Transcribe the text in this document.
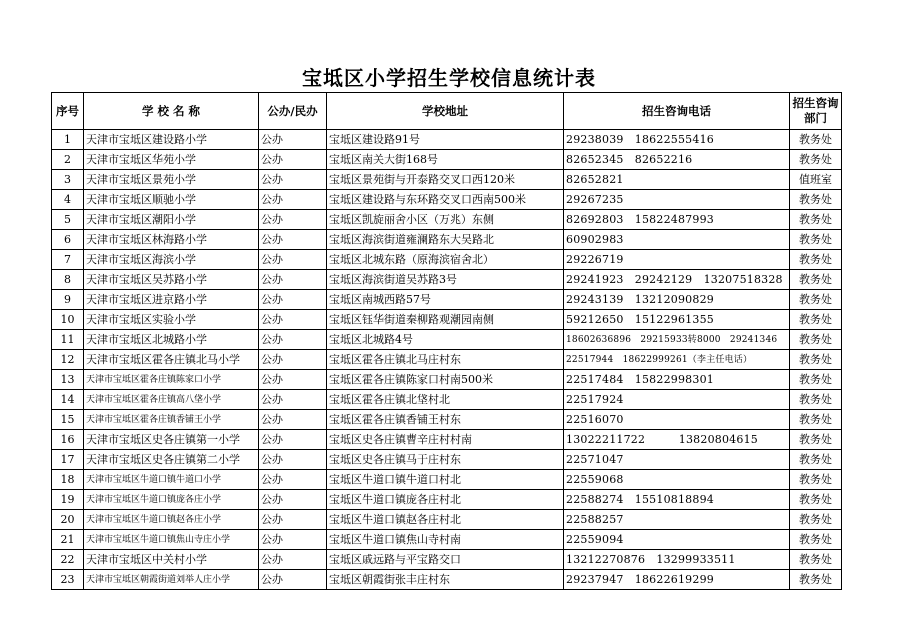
宝坻区小学招生学校信息统计表
序号	学 校 名 称	公办/民办	学校地址	招生咨询电话	招生咨询部门
1	天津市宝坻区建设路小学	公办	宝坻区建设路91号	29238039　18622555416	教务处
2	天津市宝坻区华苑小学	公办	宝坻区南关大街168号	82652345　82652216	教务处
3	天津市宝坻区景苑小学	公办	宝坻区景苑街与开泰路交叉口西120米	82652821	值班室
4	天津市宝坻区顺驰小学	公办	宝坻区建设路与东环路交叉口西南500米	29267235	教务处
5	天津市宝坻区潮阳小学	公办	宝坻区凯旋丽舍小区（万兆）东侧	82692803　15822487993	教务处
6	天津市宝坻区林海路小学	公办	宝坻区海滨街道雍澜路东大吴路北	60902983	教务处
7	天津市宝坻区海滨小学	公办	宝坻区北城东路（原海滨宿舍北）	29226719	教务处
8	天津市宝坻区吴苏路小学	公办	宝坻区海滨街道吴苏路3号	29241923　29242129　13207518328	教务处
9	天津市宝坻区进京路小学	公办	宝坻区南城西路57号	29243139　13212090829	教务处
10	天津市宝坻区实验小学	公办	宝坻区钰华街道秦柳路观潮园南侧	59212650　15122961355	教务处
11	天津市宝坻区北城路小学	公办	宝坻区北城路4号	18602636896　29215933转8000　29241346	教务处
12	天津市宝坻区霍各庄镇北马小学	公办	宝坻区霍各庄镇北马庄村东	22517944　18622999261（李主任电话）	教务处
13	天津市宝坻区霍各庄镇陈家口小学	公办	宝坻区霍各庄镇陈家口村南500米	22517484　15822998301	教务处
14	天津市宝坻区霍各庄镇高八垡小学	公办	宝坻区霍各庄镇北垡村北	22517924	教务处
15	天津市宝坻区霍各庄镇香铺王小学	公办	宝坻区霍各庄镇香铺王村东	22516070	教务处
16	天津市宝坻区史各庄镇第一小学	公办	宝坻区史各庄镇曹辛庄村村南	13022211722　　　13820804615	教务处
17	天津市宝坻区史各庄镇第二小学	公办	宝坻区史各庄镇马于庄村东	22571047	教务处
18	天津市宝坻区牛道口镇牛道口小学	公办	宝坻区牛道口镇牛道口村北	22559068	教务处
19	天津市宝坻区牛道口镇庞各庄小学	公办	宝坻区牛道口镇庞各庄村北	22588274　15510818894	教务处
20	天津市宝坻区牛道口镇赵各庄小学	公办	宝坻区牛道口镇赵各庄村北	22588257	教务处
21	天津市宝坻区牛道口镇焦山寺庄小学	公办	宝坻区牛道口镇焦山寺村南	22559094	教务处
22	天津市宝坻区中关村小学	公办	宝坻区戚远路与平宝路交口	13212270876　13299933511	教务处
23	天津市宝坻区朝霞街道刘举人庄小学	公办	宝坻区朝霞街张丰庄村东	29237947　18622619299	教务处
